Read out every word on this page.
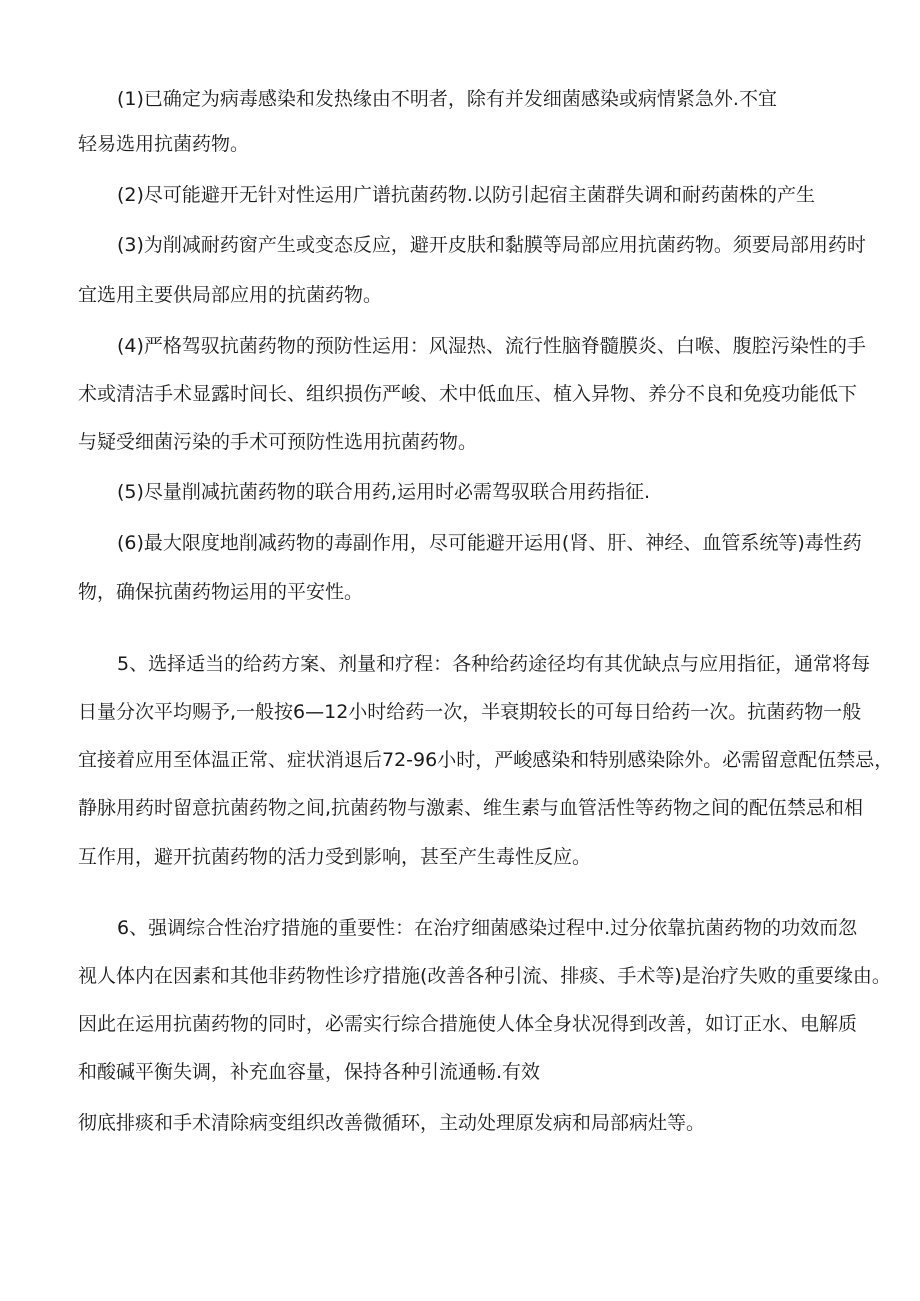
(1)已确定为病毒感染和发热缘由不明者，除有并发细菌感染或病情紧急外.不宜

轻易选用抗菌药物。

(2)尽可能避开无针对性运用广谱抗菌药物.以防引起宿主菌群失调和耐药菌株的产生

(3)为削减耐药窗产生或变态反应，避开皮肤和黏膜等局部应用抗菌药物。须要局部用药时

宜选用主要供局部应用的抗菌药物。

(4)严格驾驭抗菌药物的预防性运用：风湿热、流行性脑脊髓膜炎、白喉、腹腔污染性的手

术或清洁手术显露时间长、组织损伤严峻、术中低血压、植入异物、养分不良和免疫功能低下

与疑受细菌污染的手术可预防性选用抗菌药物。

(5)尽量削减抗菌药物的联合用药,运用时必需驾驭联合用药指征.

(6)最大限度地削减药物的毒副作用，尽可能避开运用(肾、肝、神经、血管系统等)毒性药

物，确保抗菌药物运用的平安性。

5、选择适当的给药方案、剂量和疗程：各种给药途径均有其优缺点与应用指征，通常将每

日量分次平均赐予,一般按6—12小时给药一次，半衰期较长的可每日给药一次。抗菌药物一般

宜接着应用至体温正常、症状消退后72-96小时，严峻感染和特别感染除外。必需留意配伍禁忌，

静脉用药时留意抗菌药物之间,抗菌药物与激素、维生素与血管活性等药物之间的配伍禁忌和相

互作用，避开抗菌药物的活力受到影响，甚至产生毒性反应。

6、强调综合性治疗措施的重要性：在治疗细菌感染过程中.过分依靠抗菌药物的功效而忽

视人体内在因素和其他非药物性诊疗措施(改善各种引流、排痰、手术等)是治疗失败的重要缘由。

因此在运用抗菌药物的同时，必需实行综合措施使人体全身状况得到改善，如订正水、电解质

和酸碱平衡失调，补充血容量，保持各种引流通畅.有效

彻底排痰和手术清除病变组织改善微循环，主动处理原发病和局部病灶等。
